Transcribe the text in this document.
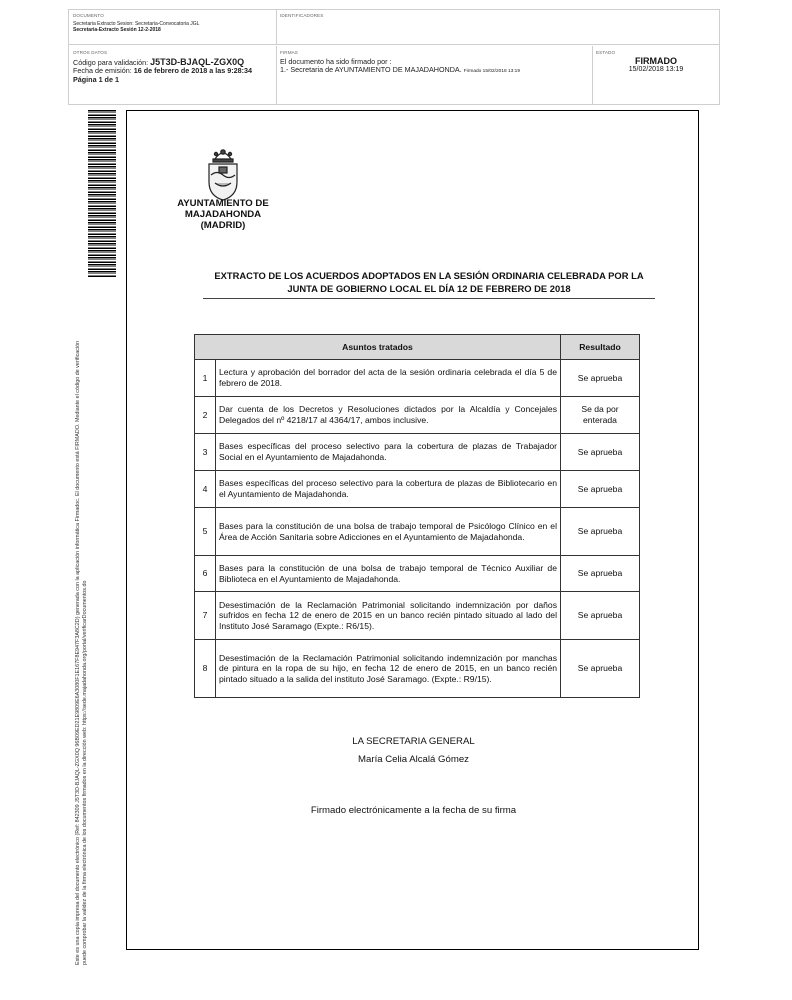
DOCUMENTO
Secretaria Extracto Sesion: Secretaria-Convocatoria JGL
Secretaria-Extracto Sesión 12-2-2018
IDENTIFICADORES
OTROS DATOS
Código para validación: J5T3D-BJAQL-ZGX0Q
Fecha de emisión: 16 de febrero de 2018 a las 9:28:34
Página 1 de 1
FIRMAS
El documento ha sido firmado por :
1.- Secretaria de AYUNTAMIENTO DE MAJADAHONDA. Firmado 15/02/2018 13:19
ESTADO
FIRMADO
15/02/2018 13:19
Este es una copia impresa del documento electrónico (Ref: 842309 J5T3D-BJAQL-ZGX0Q 96B09ED21E9809E6A3080F1E167F8E947F3A8C2D) generada con la aplicación informática Firmadoc. El documento está FIRMADO. Mediante el código de verificación puede comprobar la validez de la firma electrónica de los documentos firmados en la dirección web: https://sede.majadahonda.org/portal/verificarDocumentos.do
AYUNTAMIENTO DE
MAJADAHONDA
(MADRID)
EXTRACTO DE LOS ACUERDOS ADOPTADOS EN LA SESIÓN ORDINARIA CELEBRADA POR LA
JUNTA DE GOBIERNO LOCAL EL DÍA 12 DE FEBRERO DE 2018
Asuntos tratados		Resultado
1	Lectura y aprobación del borrador del acta de la sesión ordinaria celebrada el día 5 de febrero de 2018.	Se aprueba
2	Dar cuenta de los Decretos y Resoluciones dictados por la Alcaldía y Concejales Delegados del nº 4218/17 al 4364/17, ambos inclusive.	Se da por enterada
3	Bases específicas del proceso selectivo para la cobertura de plazas de Trabajador Social en el Ayuntamiento de Majadahonda.	Se aprueba
4	Bases específicas del proceso selectivo para la cobertura de plazas de Bibliotecario en el Ayuntamiento de Majadahonda.	Se aprueba
5	Bases para la constitución de una bolsa de trabajo temporal de Psicólogo Clínico en el Área de Acción Sanitaria sobre Adicciones en el Ayuntamiento de Majadahonda.	Se aprueba
6	Bases para la constitución de una bolsa de trabajo temporal de Técnico Auxiliar de Biblioteca en el Ayuntamiento de Majadahonda.	Se aprueba
7	Desestimación de la Reclamación Patrimonial solicitando indemnización por daños sufridos en fecha 12 de enero de 2015 en un banco recién pintado situado al lado del Instituto José Saramago (Expte.: R6/15).	Se aprueba
8	Desestimación de la Reclamación Patrimonial solicitando indemnización por manchas de pintura en la ropa de su hijo, en fecha 12 de enero de 2015, en un banco recién pintado situado a la salida del instituto José Saramago. (Expte.: R9/15).	Se aprueba
LA SECRETARIA GENERAL
María Celia Alcalá Gómez
Firmado electrónicamente a la fecha de su firma
